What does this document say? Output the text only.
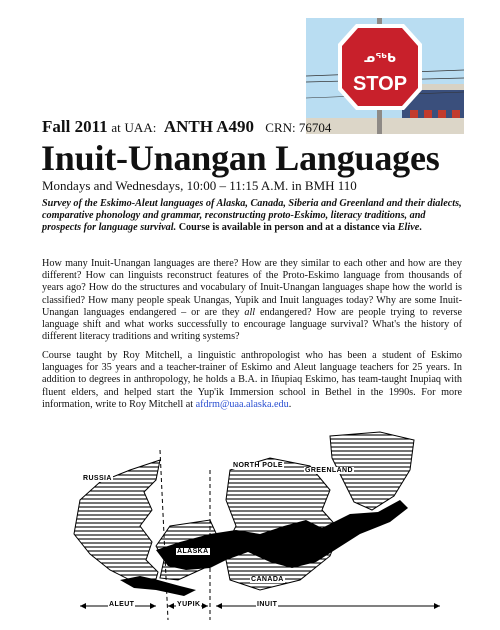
ᓄᖅᑲ
STOP
Fall 2011 at UAA: ANTH A490 CRN: 76704
Inuit-Unangan Languages
Mondays and Wednesdays, 10:00 – 11:15 A.M. in BMH 110
Survey of the Eskimo-Aleut languages of Alaska, Canada, Siberia and Greenland and their dialects, comparative phonology and grammar, reconstructing proto-Eskimo, literacy traditions, and prospects for language survival. Course is available in person and at a distance via Elive.
How many Inuit-Unangan languages are there? How are they similar to each other and how are they different? How can linguists reconstruct features of the Proto-Eskimo language from thousands of years ago? How do the structures and vocabulary of Inuit-Unangan languages shape how the world is classified? How many people speak Unangas, Yupik and Inuit languages today? Why are some Inuit-Unangan languages endangered – or are they all endangered? How are people trying to reverse language shift and what works successfully to encourage language survival? What's the history of different literacy traditions and writing systems?
Course taught by Roy Mitchell, a linguistic anthropologist who has been a student of Eskimo languages for 35 years and a teacher-trainer of Eskimo and Aleut language teachers for 25 years. In addition to degrees in anthropology, he holds a B.A. in Iñupiaq Eskimo, has team-taught Inupiaq with fluent elders, and helped start the Yup'ik Immersion school in Bethel in the 1990s. For more information, write to Roy Mitchell at afdrm@uaa.alaska.edu.
RUSSIA
NORTH POLE
GREENLAND
ALASKA
CANADA
ALEUT	YUPIK	INUIT
